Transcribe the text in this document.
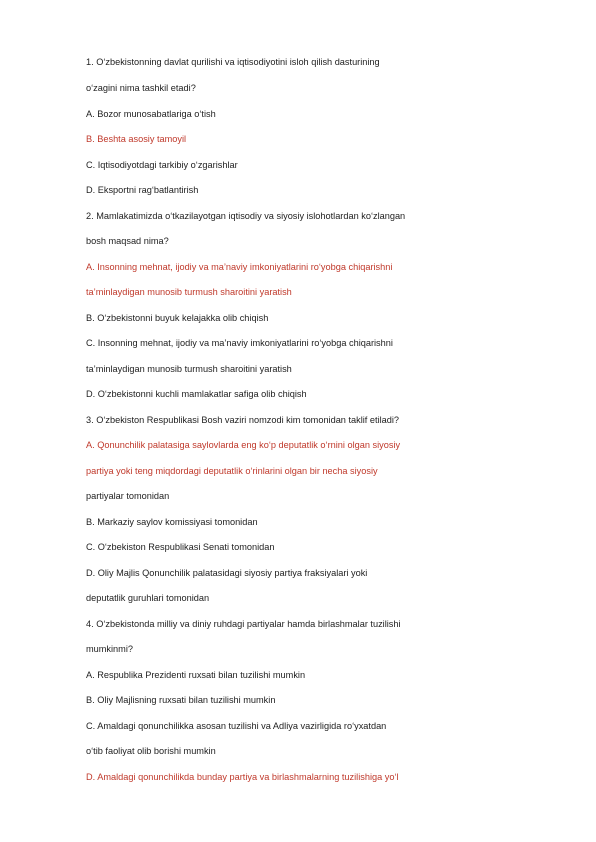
1. O‘zbekistonning davlat qurilishi va iqtisodiyotini isloh qilish dasturining
o‘zagini nima tashkil etadi?
A. Bozor munosabatlariga o‘tish
B. Beshta asosiy tamoyil
C. Iqtisodiyotdagi tarkibiy o‘zgarishlar
D. Eksportni rag‘batlantirish
2. Mamlakatimizda o‘tkazilayotgan iqtisodiy va siyosiy islohotlardan ko‘zlangan
bosh maqsad nima?
A. Insonning mehnat, ijodiy va ma’naviy imkoniyatlarini ro‘yobga chiqarishni
ta’minlaydigan munosib turmush sharoitini yaratish
B. O‘zbekistonni buyuk kelajakka olib chiqish
C. Insonning mehnat, ijodiy va ma’naviy imkoniyatlarini ro‘yobga chiqarishni
ta’minlaydigan munosib turmush sharoitini yaratish
D. O‘zbekistonni kuchli mamlakatlar safiga olib chiqish
3. O‘zbekiston Respublikasi Bosh vaziri nomzodi kim tomonidan taklif etiladi?
A. Qonunchilik palatasiga saylovlarda eng ko‘p deputatlik o‘rnini olgan siyosiy
partiya yoki teng miqdordagi deputatlik o‘rinlarini olgan bir necha siyosiy
partiyalar tomonidan
B. Markaziy saylov komissiyasi tomonidan
C. O‘zbekiston Respublikasi Senati tomonidan
D. Oliy Majlis Qonunchilik palatasidagi siyosiy partiya fraksiyalari yoki
deputatlik guruhlari tomonidan
4. O‘zbekistonda milliy va diniy ruhdagi partiyalar hamda birlashmalar tuzilishi
mumkinmi?
A. Respublika Prezidenti ruxsati bilan tuzilishi mumkin
B. Oliy Majlisning ruxsati bilan tuzilishi mumkin
C. Amaldagi qonunchilikka asosan tuzilishi va Adliya vazirligida ro‘yxatdan
o‘tib faoliyat olib borishi mumkin
D. Amaldagi qonunchilikda bunday partiya va birlashmalarning tuzilishiga yo‘l
